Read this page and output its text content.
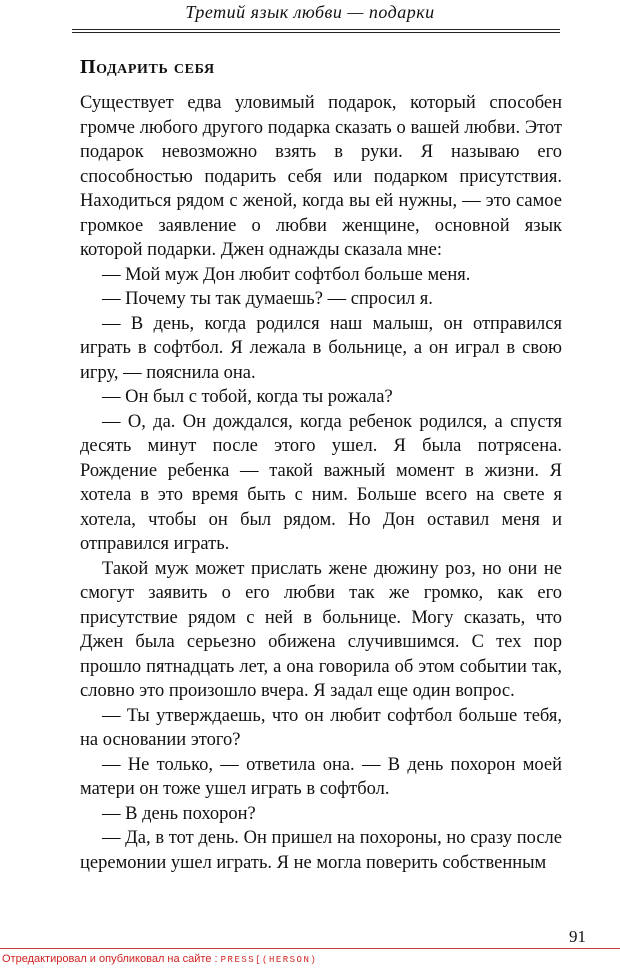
Третий язык любви — подарки
Подарить себя

Существует едва уловимый подарок, который способен громче любого другого подарка сказать о вашей любви. Этот подарок невозможно взять в руки. Я называю его способностью подарить себя или подарком присутствия. Находиться рядом с женой, когда вы ей нужны, — это самое громкое заявление о любви женщине, основной язык которой подарки. Джен однажды сказала мне:

— Мой муж Дон любит софтбол больше меня.

— Почему ты так думаешь? — спросил я.

— В день, когда родился наш малыш, он отправился играть в софтбол. Я лежала в больнице, а он играл в свою игру, — пояснила она.

— Он был с тобой, когда ты рожала?

— О, да. Он дождался, когда ребенок родился, а спустя десять минут после этого ушел. Я была потрясена. Рождение ребенка — такой важный момент в жизни. Я хотела в это время быть с ним. Больше всего на свете я хотела, чтобы он был рядом. Но Дон оставил меня и отправился играть.

Такой муж может прислать жене дюжину роз, но они не смогут заявить о его любви так же громко, как его присутствие рядом с ней в больнице. Могу сказать, что Джен была серьезно обижена случившимся. С тех пор прошло пятнадцать лет, а она говорила об этом событии так, словно это произошло вчера. Я задал еще один вопрос.

— Ты утверждаешь, что он любит софтбол больше тебя, на основании этого?

— Не только, — ответила она. — В день похорон моей матери он тоже ушел играть в софтбол.

— В день похорон?

— Да, в тот день. Он пришел на похороны, но сразу после церемонии ушел играть. Я не могла поверить собственным

91
Отредактировал и опубликовал на сайте : PRESS[(HERSON)
